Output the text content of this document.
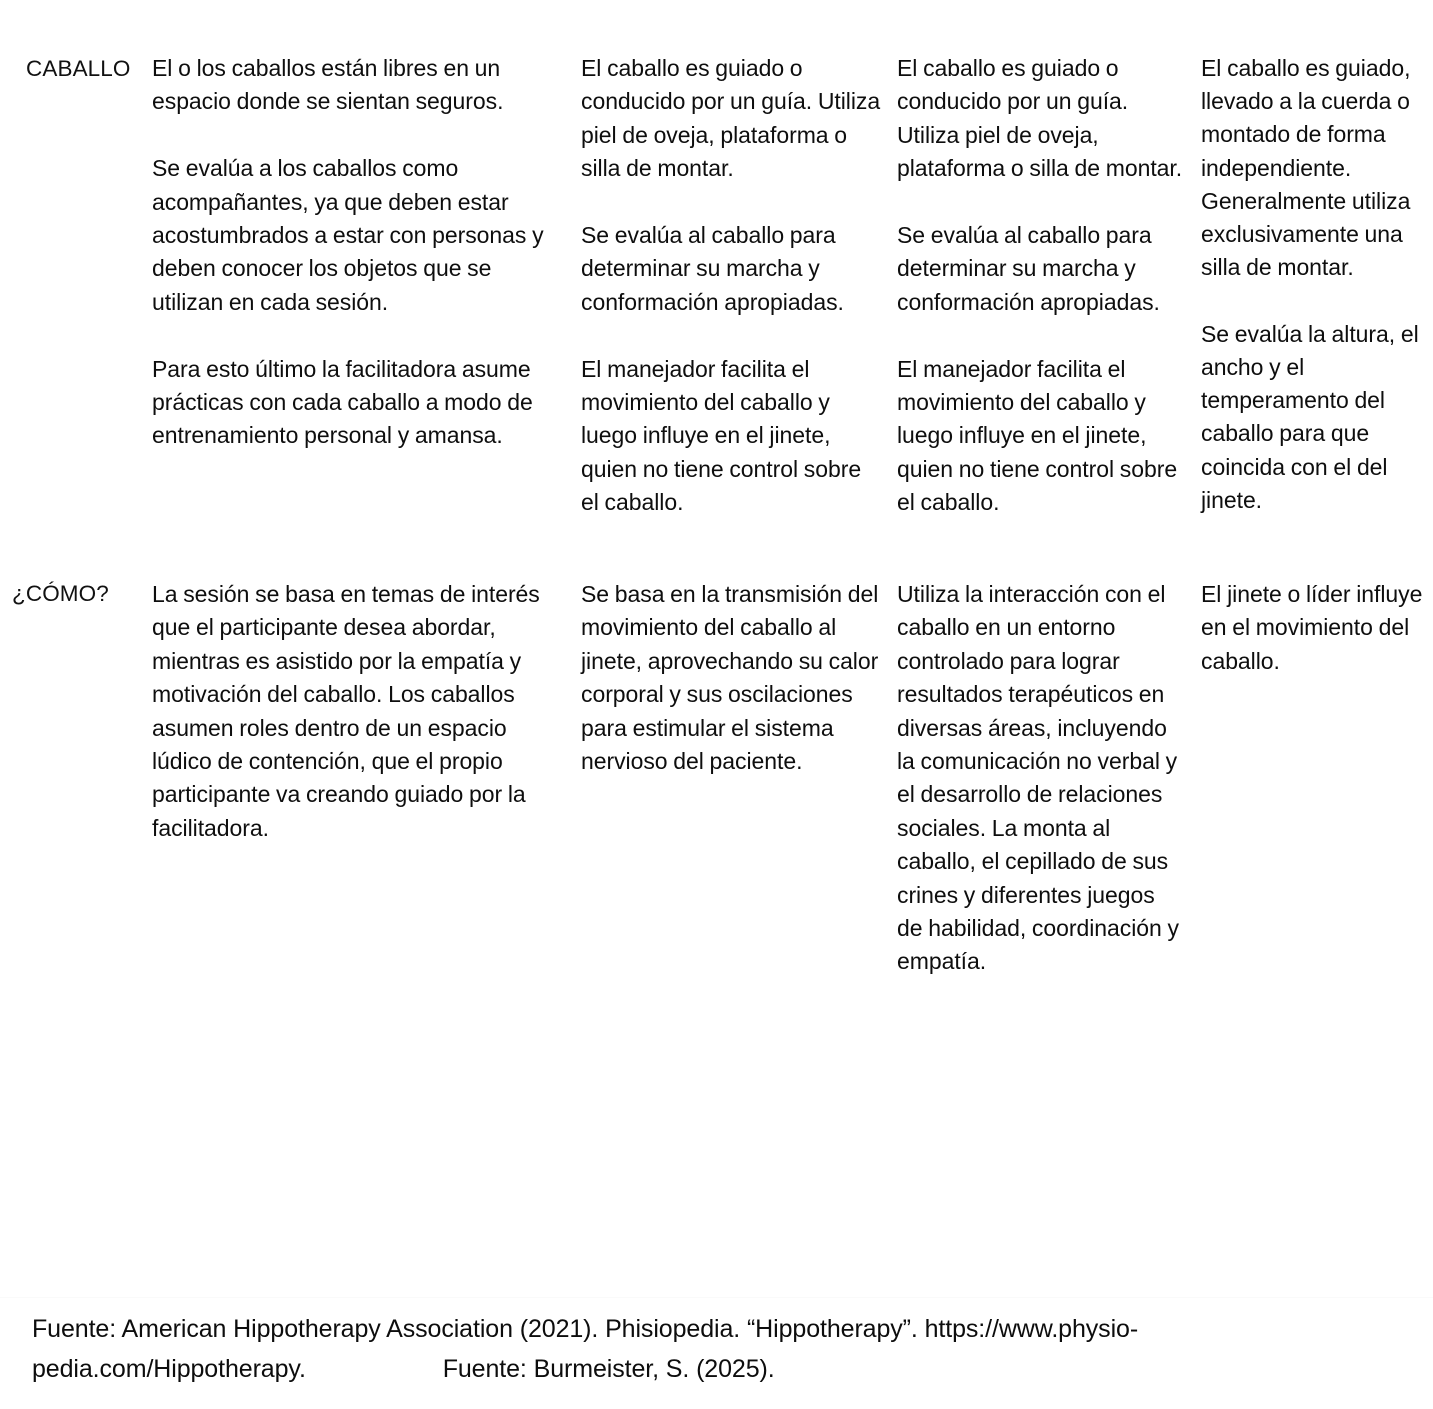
CABALLO
¿CÓMO?

El o los caballos están libres en un espacio donde se sientan seguros.

Se evalúa a los caballos como acompañantes, ya que deben estar acostumbrados a estar con personas y deben conocer los objetos que se utilizan en cada sesión.

Para esto último la facilitadora asume prácticas con cada caballo a modo de entrenamiento personal y amansa.

El caballo es guiado o conducido por un guía. Utiliza piel de oveja, plataforma o silla de montar.

Se evalúa al caballo para determinar su marcha y conformación apropiadas.

El manejador facilita el movimiento del caballo y luego influye en el jinete, quien no tiene control sobre el caballo.

El caballo es guiado o conducido por un guía. Utiliza piel de oveja, plataforma o silla de montar.

Se evalúa al caballo para determinar su marcha y conformación apropiadas.

El manejador facilita el movimiento del caballo y luego influye en el jinete, quien no tiene control sobre el caballo.

El caballo es guiado, llevado a la cuerda o montado de forma independiente. Generalmente utiliza exclusivamente una silla de montar.

Se evalúa la altura, el ancho y el temperamento del caballo para que coincida con el del jinete.

La sesión se basa en temas de interés que el participante desea abordar, mientras es asistido por la empatía y motivación del caballo. Los caballos asumen roles dentro de un espacio lúdico de contención, que el propio participante va creando guiado por la facilitadora.

Se basa en la transmisión del movimiento del caballo al jinete, aprovechando su calor corporal y sus oscilaciones para estimular el sistema nervioso del paciente.

Utiliza la interacción con el caballo en un entorno controlado para lograr resultados terapéuticos en diversas áreas, incluyendo la comunicación no verbal y el desarrollo de relaciones sociales. La monta al caballo, el cepillado de sus crines y diferentes juegos de habilidad, coordinación y empatía.

El jinete o líder influye en el movimiento del caballo.

Fuente: American Hippotherapy Association (2021). Phisiopedia. “Hippotherapy”. https://www.physio-
pedia.com/Hippotherapy.                    Fuente: Burmeister, S. (2025).
